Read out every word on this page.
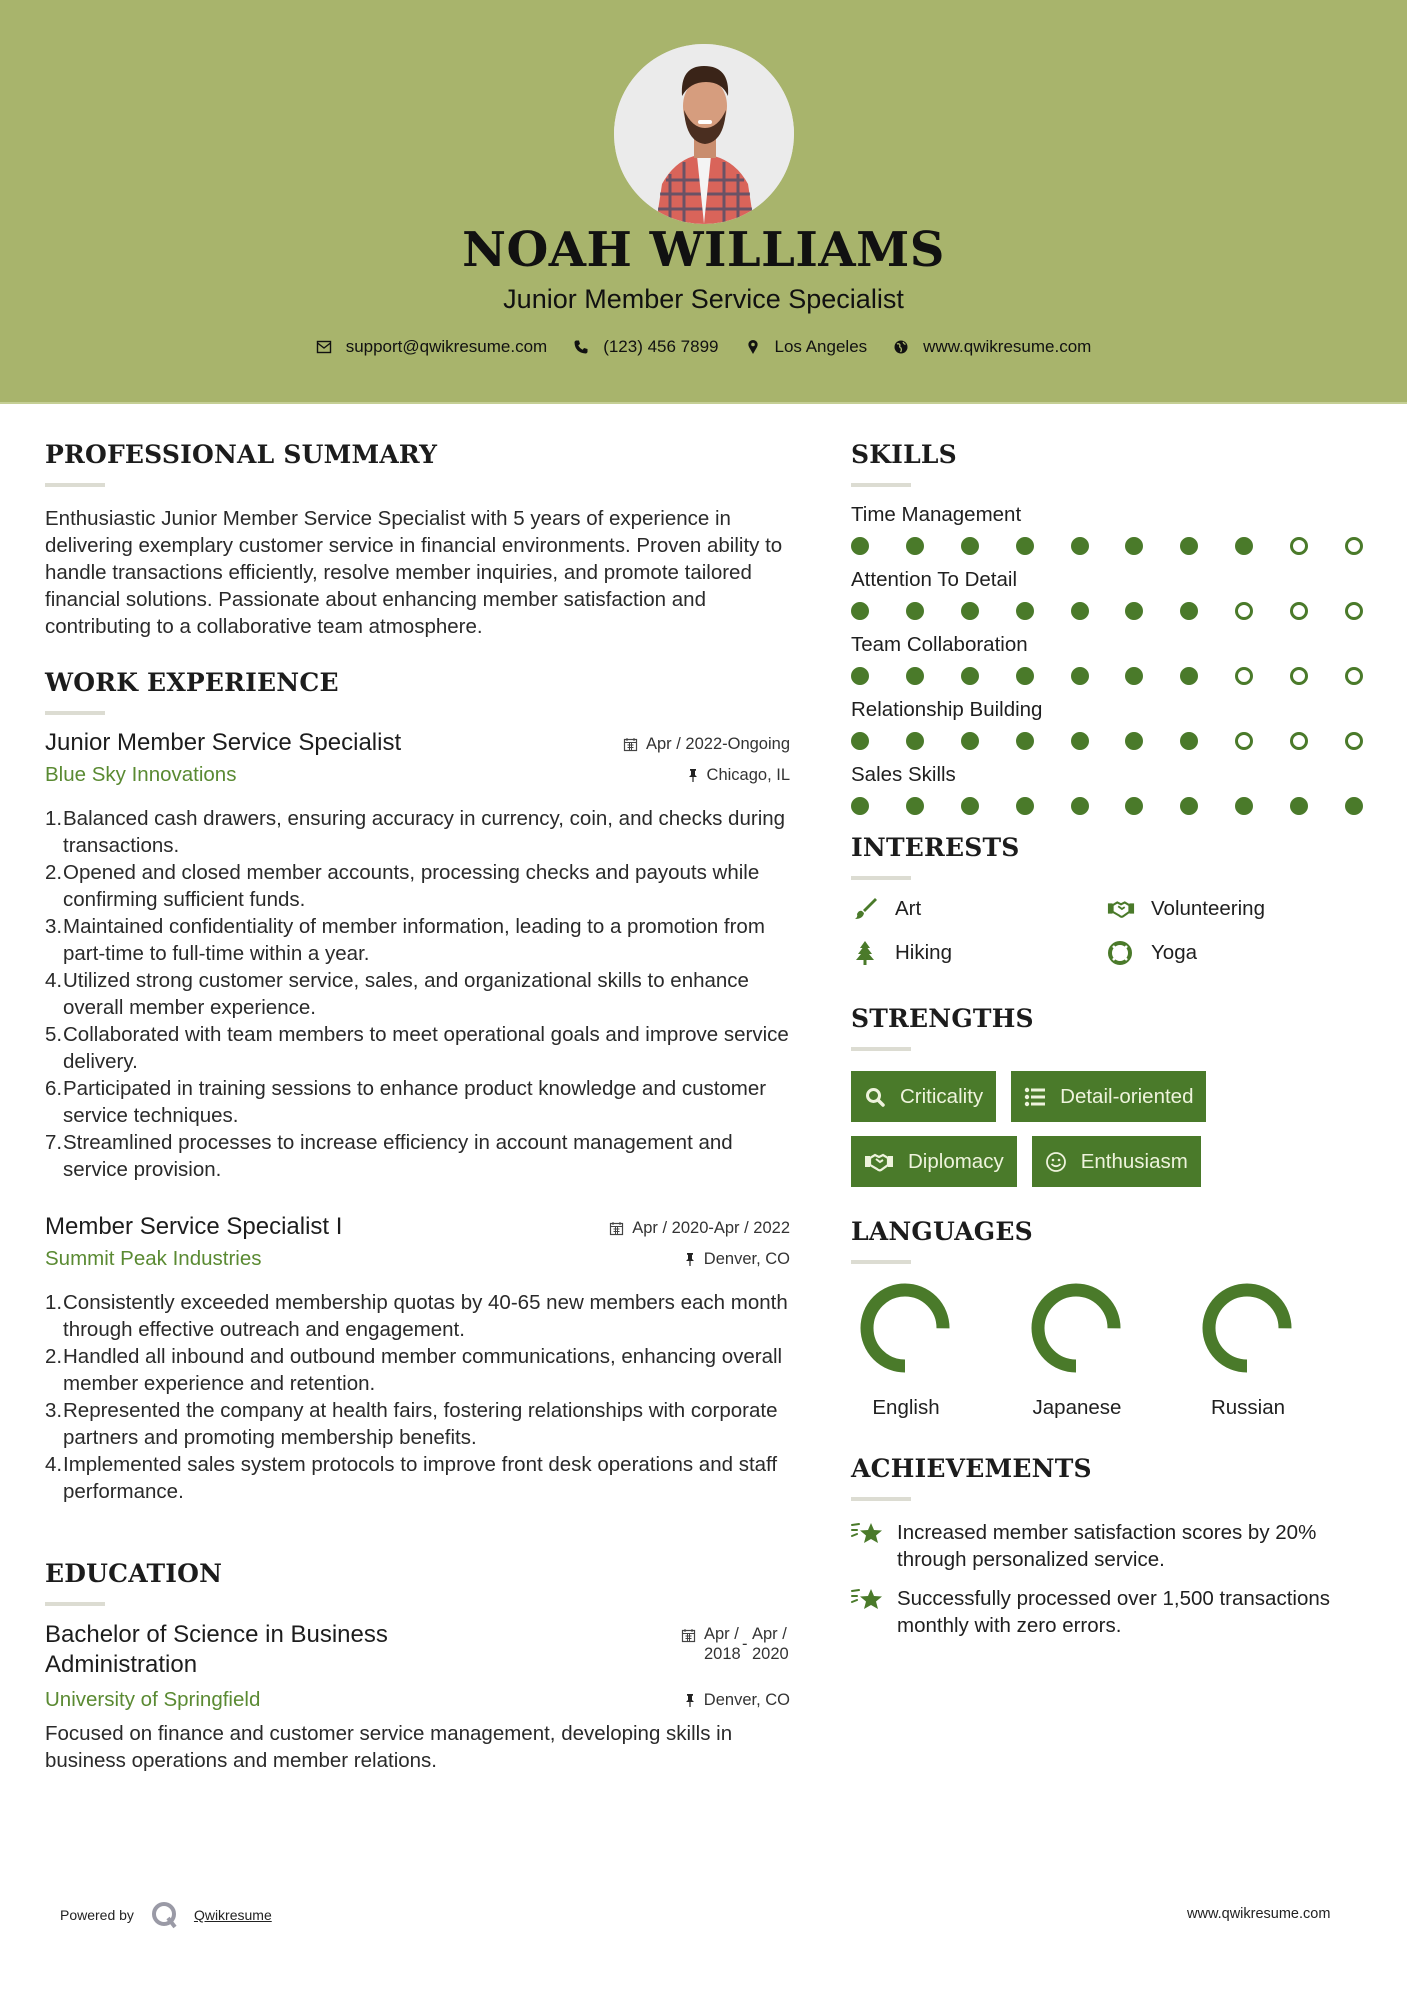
NOAH WILLIAMS
Junior Member Service Specialist
support@qwikresume.com	(123) 456 7899	Los Angeles	www.qwikresume.com
PROFESSIONAL SUMMARY

Enthusiastic Junior Member Service Specialist with 5 years of experience in delivering exemplary customer service in financial environments. Proven ability to handle transactions efficiently, resolve member inquiries, and promote tailored financial solutions. Passionate about enhancing member satisfaction and contributing to a collaborative team atmosphere.

WORK EXPERIENCE
Junior Member Service Specialist	Apr / 2022-Ongoing
Blue Sky Innovations	Chicago, IL
1. Balanced cash drawers, ensuring accuracy in currency, coin, and checks during transactions.
2. Opened and closed member accounts, processing checks and payouts while confirming sufficient funds.
3. Maintained confidentiality of member information, leading to a promotion from part-time to full-time within a year.
4. Utilized strong customer service, sales, and organizational skills to enhance overall member experience.
5. Collaborated with team members to meet operational goals and improve service delivery.
6. Participated in training sessions to enhance product knowledge and customer service techniques.
7. Streamlined processes to increase efficiency in account management and service provision.
Member Service Specialist I	Apr / 2020-Apr / 2022
Summit Peak Industries	Denver, CO
1. Consistently exceeded membership quotas by 40-65 new members each month through effective outreach and engagement.
2. Handled all inbound and outbound member communications, enhancing overall member experience and retention.
3. Represented the company at health fairs, fostering relationships with corporate partners and promoting membership benefits.
4. Implemented sales system protocols to improve front desk operations and staff performance.
EDUCATION
Bachelor of Science in Business Administration
Apr /
2018
-
Apr /
2020
University of Springfield	Denver, CO

Focused on finance and customer service management, developing skills in business operations and member relations.

SKILLS
Time Management
Attention To Detail
Team Collaboration
Relationship Building
Sales Skills
INTERESTS
Art	Volunteering
Hiking	Yoga
STRENGTHS
Criticality	Detail-oriented
Diplomacy	Enthusiasm
LANGUAGES
English	Japanese	Russian
ACHIEVEMENTS
Increased member satisfaction scores by 20% through personalized service.
Successfully processed over 1,500 transactions monthly with zero errors.
Powered by	Qwikresume	www.qwikresume.com
